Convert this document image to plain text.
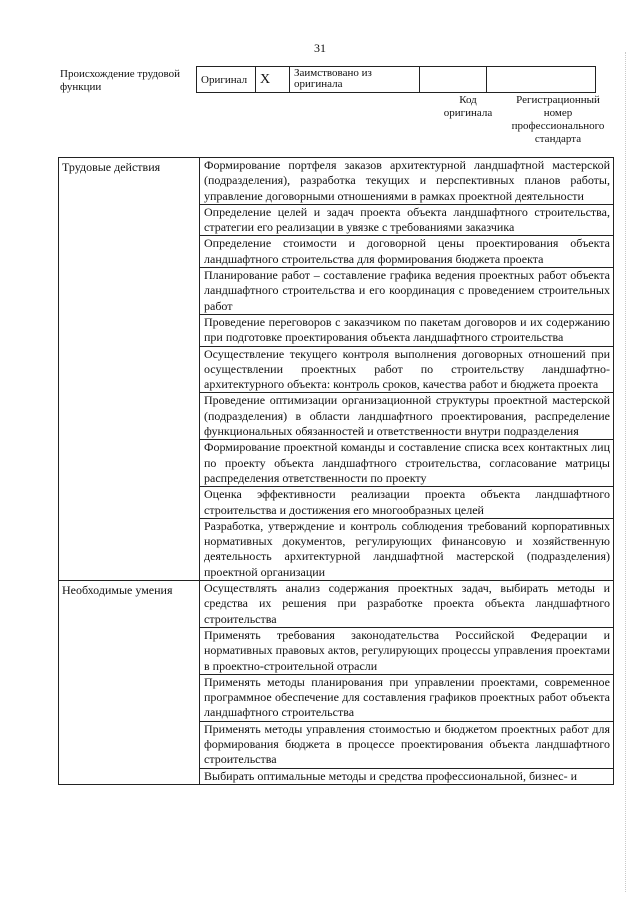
31
Происхождение трудовой функции
Оригинал	X	Заимствовано из оригинала		
Код оригинала
Регистрационный номер профессионального стандарта
Трудовые действия	Формирование портфеля заказов архитектурной ландшафтной мастерской (подразделения), разработка текущих и перспективных планов работы, управление договорными отношениями в рамках проектной деятельности
	Определение целей и задач проекта объекта ландшафтного строительства, стратегии его реализации в увязке с требованиями заказчика
	Определение стоимости и договорной цены проектирования объекта ландшафтного строительства для формирования бюджета проекта
	Планирование работ – составление графика ведения проектных работ объекта ландшафтного строительства и его координация с проведением строительных работ
	Проведение переговоров с заказчиком по пакетам договоров и их содержанию при подготовке проектирования объекта ландшафтного строительства
	Осуществление текущего контроля выполнения договорных отношений при осуществлении проектных работ по строительству ландшафтно-архитектурного объекта: контроль сроков, качества работ и бюджета проекта
	Проведение оптимизации организационной структуры проектной мастерской (подразделения) в области ландшафтного проектирования, распределение функциональных обязанностей и ответственности внутри подразделения
	Формирование проектной команды и составление списка всех контактных лиц по проекту объекта ландшафтного строительства, согласование матрицы распределения ответственности по проекту
	Оценка эффективности реализации проекта объекта ландшафтного строительства и достижения его многообразных целей
	Разработка, утверждение и контроль соблюдения требований корпоративных нормативных документов, регулирующих финансовую и хозяйственную деятельность архитектурной ландшафтной мастерской (подразделения) проектной организации
Необходимые умения	Осуществлять анализ содержания проектных задач, выбирать методы и средства их решения при разработке проекта объекта ландшафтного строительства
	Применять требования законодательства Российской Федерации и нормативных правовых актов, регулирующих процессы управления проектами в проектно-строительной отрасли
	Применять методы планирования при управлении проектами, современное программное обеспечение для составления графиков проектных работ объекта ландшафтного строительства
	Применять методы управления стоимостью и бюджетом проектных работ для формирования бюджета в процессе проектирования объекта ландшафтного строительства
	Выбирать оптимальные методы и средства профессиональной, бизнес- и
